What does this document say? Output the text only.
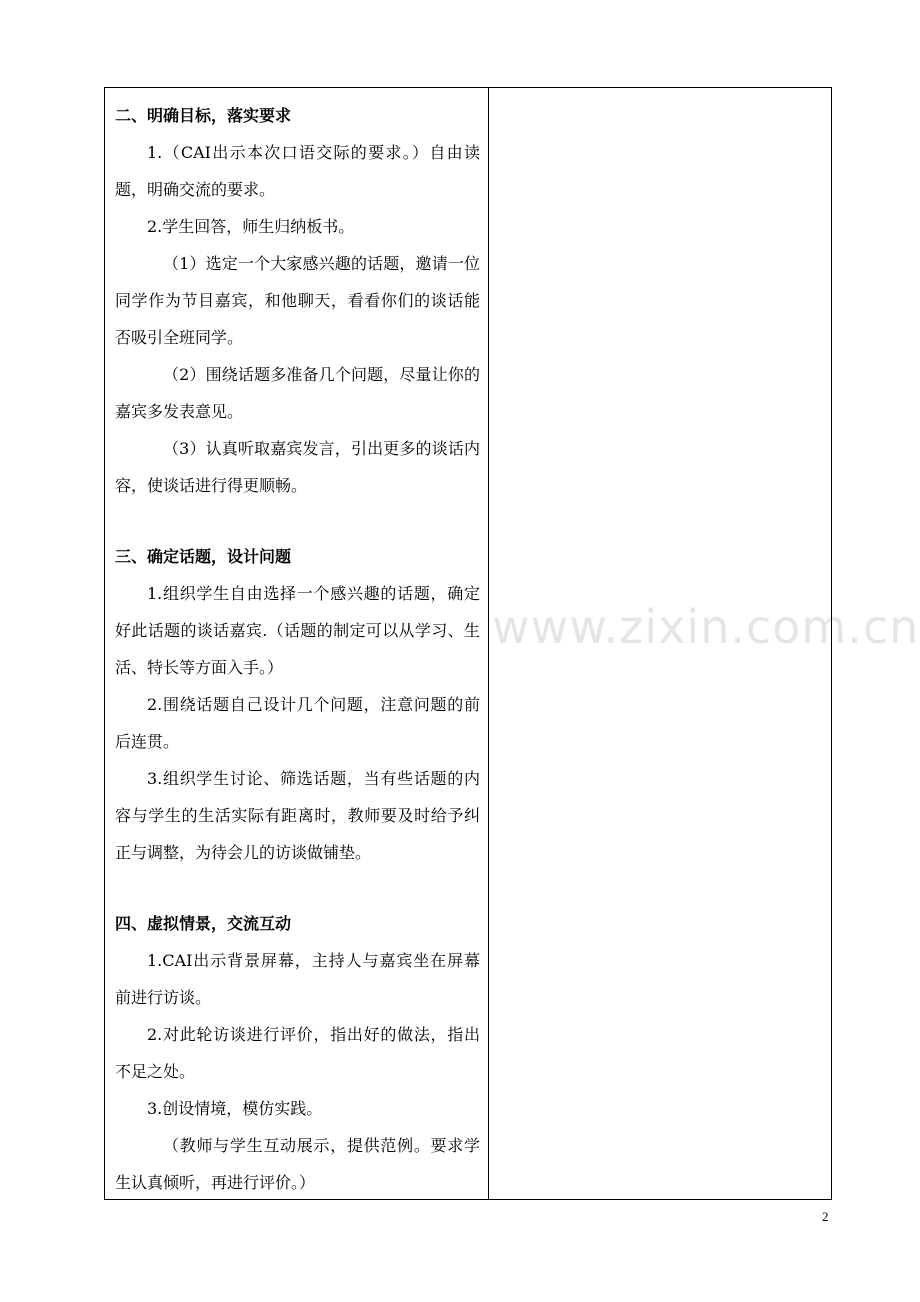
二、明确目标，落实要求

1.（CAI出示本次口语交际的要求。）自由读题，明确交流的要求。

2.学生回答，师生归纳板书。

（1）选定一个大家感兴趣的话题，邀请一位同学作为节目嘉宾，和他聊天，看看你们的谈话能否吸引全班同学。

（2）围绕话题多准备几个问题，尽量让你的嘉宾多发表意见。

（3）认真听取嘉宾发言，引出更多的谈话内容，使谈话进行得更顺畅。

三、确定话题，设计问题

1.组织学生自由选择一个感兴趣的话题，确定好此话题的谈话嘉宾.（话题的制定可以从学习、生活、特长等方面入手。）

2.围绕话题自己设计几个问题，注意问题的前后连贯。

3.组织学生讨论、筛选话题，当有些话题的内容与学生的生活实际有距离时，教师要及时给予纠正与调整，为待会儿的访谈做铺垫。

四、虚拟情景，交流互动

1.CAI出示背景屏幕，主持人与嘉宾坐在屏幕前进行访谈。

2.对此轮访谈进行评价，指出好的做法，指出不足之处。

3.创设情境，模仿实践。

（教师与学生互动展示，提供范例。要求学生认真倾听，再进行评价。）

www.zixin.com.cn
2
